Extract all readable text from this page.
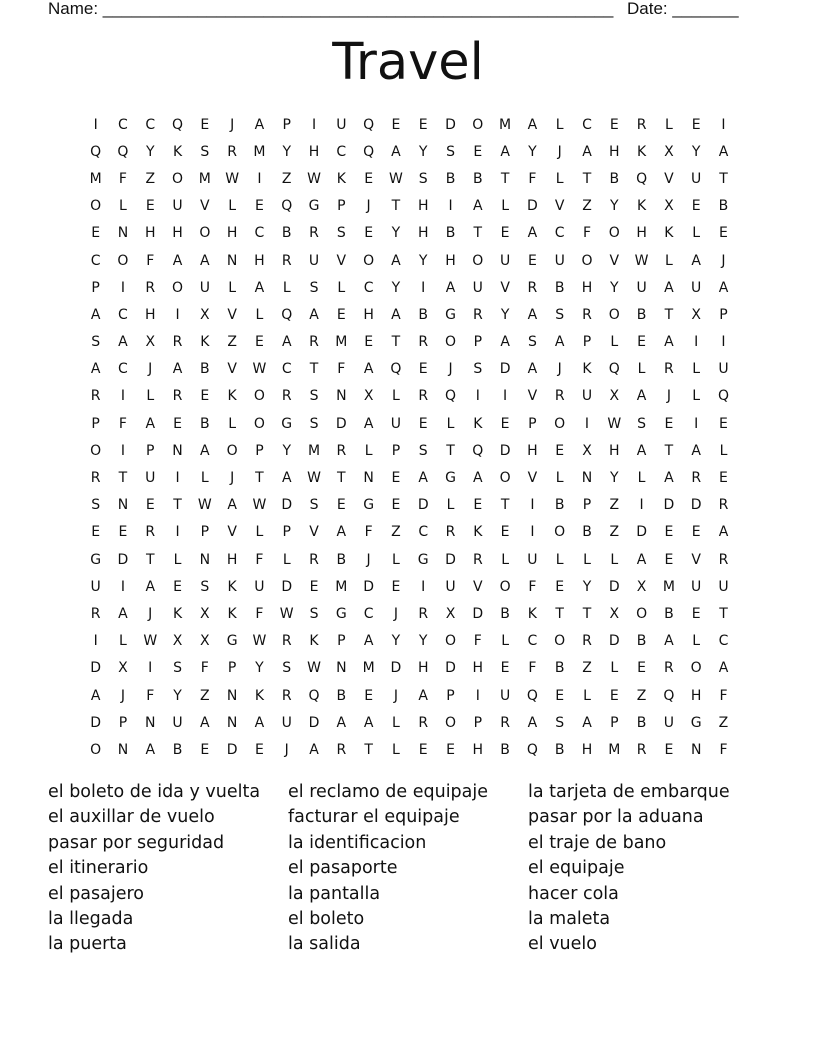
Name: ______________________________________________________ Date: _______
Travel
I	C	C	Q	E	J	A	P	I	U	Q	E	E	D	O	M	A	L	C	E	R	L	E	I
Q	Q	Y	K	S	R	M	Y	H	C	Q	A	Y	S	E	A	Y	J	A	H	K	X	Y	A
M	F	Z	O	M	W	I	Z	W	K	E	W	S	B	B	T	F	L	T	B	Q	V	U	T
O	L	E	U	V	L	E	Q	G	P	J	T	H	I	A	L	D	V	Z	Y	K	X	E	B
E	N	H	H	O	H	C	B	R	S	E	Y	H	B	T	E	A	C	F	O	H	K	L	E
C	O	F	A	A	N	H	R	U	V	O	A	Y	H	O	U	E	U	O	V	W	L	A	J
P	I	R	O	U	L	A	L	S	L	C	Y	I	A	U	V	R	B	H	Y	U	A	U	A
A	C	H	I	X	V	L	Q	A	E	H	A	B	G	R	Y	A	S	R	O	B	T	X	P
S	A	X	R	K	Z	E	A	R	M	E	T	R	O	P	A	S	A	P	L	E	A	I	I
A	C	J	A	B	V	W	C	T	F	A	Q	E	J	S	D	A	J	K	Q	L	R	L	U
R	I	L	R	E	K	O	R	S	N	X	L	R	Q	I	I	V	R	U	X	A	J	L	Q
P	F	A	E	B	L	O	G	S	D	A	U	E	L	K	E	P	O	I	W	S	E	I	E
O	I	P	N	A	O	P	Y	M	R	L	P	S	T	Q	D	H	E	X	H	A	T	A	L
R	T	U	I	L	J	T	A	W	T	N	E	A	G	A	O	V	L	N	Y	L	A	R	E
S	N	E	T	W	A	W	D	S	E	G	E	D	L	E	T	I	B	P	Z	I	D	D	R
E	E	R	I	P	V	L	P	V	A	F	Z	C	R	K	E	I	O	B	Z	D	E	E	A
G	D	T	L	N	H	F	L	R	B	J	L	G	D	R	L	U	L	L	L	A	E	V	R
U	I	A	E	S	K	U	D	E	M	D	E	I	U	V	O	F	E	Y	D	X	M	U	U
R	A	J	K	X	K	F	W	S	G	C	J	R	X	D	B	K	T	T	X	O	B	E	T
I	L	W	X	X	G	W	R	K	P	A	Y	Y	O	F	L	C	O	R	D	B	A	L	C
D	X	I	S	F	P	Y	S	W	N	M	D	H	D	H	E	F	B	Z	L	E	R	O	A
A	J	F	Y	Z	N	K	R	Q	B	E	J	A	P	I	U	Q	E	L	E	Z	Q	H	F
D	P	N	U	A	N	A	U	D	A	A	L	R	O	P	R	A	S	A	P	B	U	G	Z
O	N	A	B	E	D	E	J	A	R	T	L	E	E	H	B	Q	B	H	M	R	E	N	F
el boleto de ida y vuelta	el reclamo de equipaje	la tarjeta de embarque
el auxillar de vuelo	facturar el equipaje	pasar por la aduana
pasar por seguridad	la identificacion	el traje de bano
el itinerario	el pasaporte	el equipaje
el pasajero	la pantalla	hacer cola
la llegada	el boleto	la maleta
la puerta	la salida	el vuelo
